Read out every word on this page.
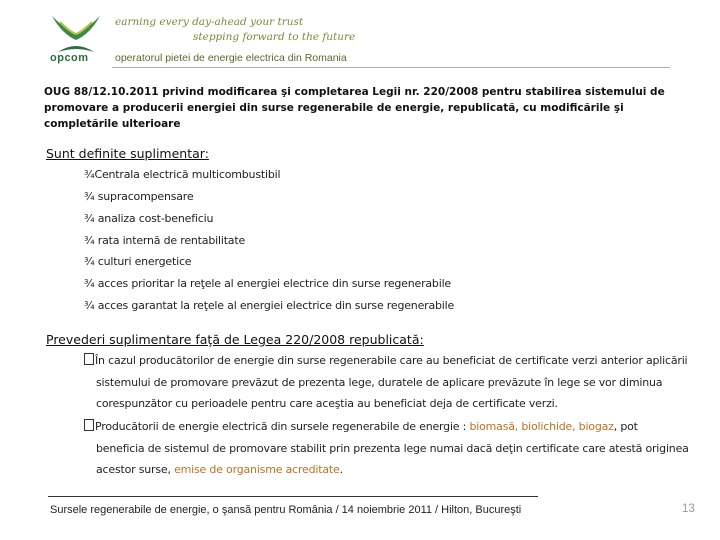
opcom
earning every day-ahead your trust
stepping forward to the future
operatorul pietei de energie electrica din Romania
OUG 88/12.10.2011 privind modificarea şi completarea Legii nr. 220/2008 pentru stabilirea sistemului de promovare a producerii energiei din surse regenerabile de energie, republicată, cu modificările şi completările ulterioare
Sunt definite suplimentar:
¾Centrala electrică multicombustibil
¾ supracompensare
¾ analiza cost-beneficiu
¾ rata internă de rentabilitate
¾ culturi energetice
¾ acces prioritar la reţele al energiei electrice din surse regenerabile
¾ acces garantat la reţele al energiei electrice din surse regenerabile
Prevederi suplimentare faţă de Legea 220/2008 republicată:
În cazul producătorilor de energie din surse regenerabile care au beneficiat de certificate verzi anterior aplicării
sistemului de promovare prevăzut de prezenta lege, duratele de aplicare prevăzute în lege se vor diminua
corespunzător cu perioadele pentru care aceştia au beneficiat deja de certificate verzi.
Producătorii de energie electrică din sursele regenerabile de energie : biomasă, biolichide, biogaz, pot
beneficia de sistemul de promovare stabilit prin prezenta lege numai dacă deţin certificate care atestă originea
acestor surse, emise de organisme acreditate.
Sursele regenerabile de energie, o şansă pentru România / 14 noiembrie 2011 / Hilton, Bucureşti	13
